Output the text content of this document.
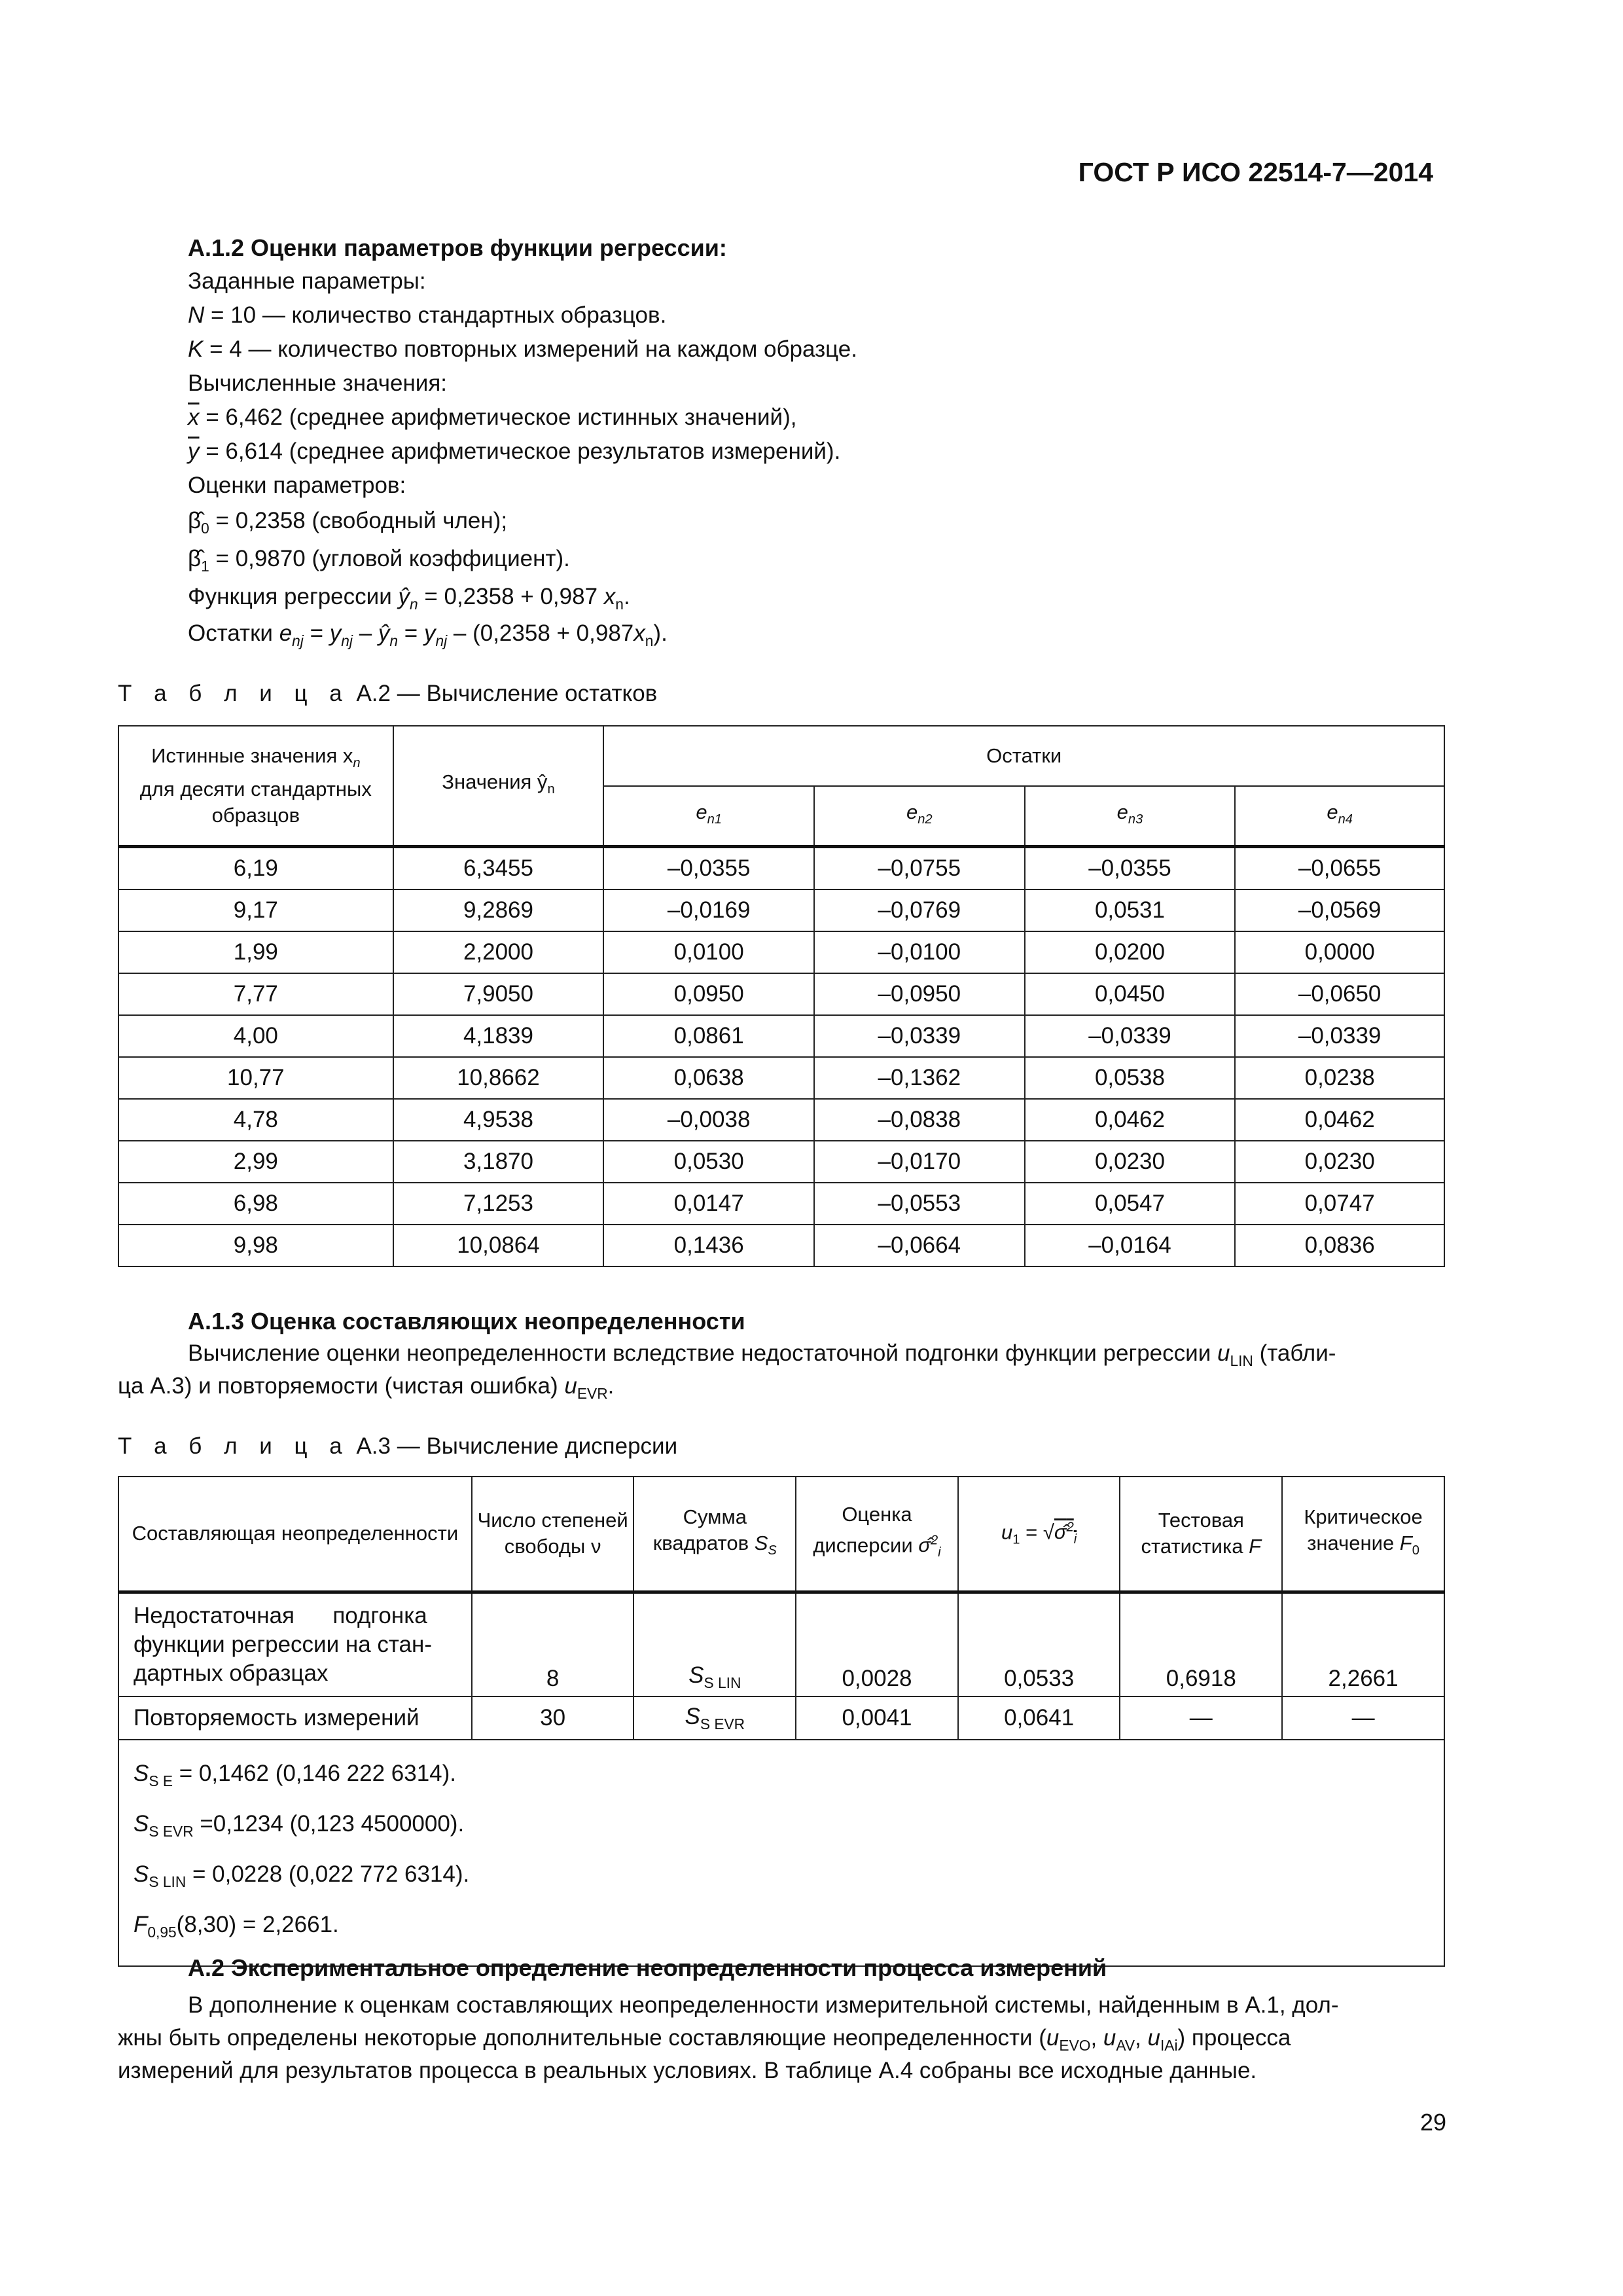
ГОСТ Р ИСО 22514-7—2014
А.1.2 Оценки параметров функции регрессии:
Заданные параметры:
N = 10 — количество стандартных образцов.
K = 4 — количество повторных измерений на каждом образце.
Вычисленные значения:
$\overline{x} = 6,462$ (среднее арифметическое истинных значений),
$\overline{y} = 6,614$ (среднее арифметическое результатов измерений).
Оценки параметров:
$\betâ_0 = 0,2358$ (свободный член);
$\betâ_1 = 0,9870$ (угловой коэффициент).
Функция регрессии $ŷ_n = 0,2358 + 0,987$ $x_n$.
Остатки $e_{nj} = y_{nj}$ – $ŷ_n = y_{nj} - (0,2358 + 0,987x_n)$.
Т а б л и ц а А.2 — Вычисление остатков
Истинные значения $x_n$
для десяти стандартных образцов	Значения $ŷ_n$	Остатки			
		$e_{n1}$	$e_{n2}$	$e_{n3}$	$e_{n4}$
6,19	6,3455	–0,0355	–0,0755	–0,0355	–0,0655
9,17	9,2869	–0,0169	–0,0769	0,0531	–0,0569
1,99	2,2000	0,0100	–0,0100	0,0200	0,0000
7,77	7,9050	0,0950	–0,0950	0,0450	–0,0650
4,00	4,1839	0,0861	–0,0339	–0,0339	–0,0339
10,77	10,8662	0,0638	–0,1362	0,0538	0,0238
4,78	4,9538	–0,0038	–0,0838	0,0462	0,0462
2,99	3,1870	0,0530	–0,0170	0,0230	0,0230
6,98	7,1253	0,0147	–0,0553	0,0547	0,0747
9,98	10,0864	0,1436	–0,0664	–0,0164	0,0836
А.1.3 Оценка составляющих неопределенности
Вычисление оценки неопределенности вследствие недостаточной подгонки функции регрессии $u_{LIN}$ (табли-
ца А.3) и повторяемости (чистая ошибка) $u_{EVR}$.
Т а б л и ц а А.3 — Вычисление дисперсии
Составляющая неопределенности	Число степеней свободы ν	Сумма квадратов $S_S$	Оценка дисперсии σ̂$^2_i$	$u_1$ = √σ̂$^2_i$	Тестовая статистика F	Критическое значение $F_0$
Недостаточная      подгонка
функции регрессии на стан-
дартных образцах	8	$S_{S LIN}$	0,0028	0,0533	0,6918	2,2661
Повторяемость измерений	30	$S_{S EVR}$	0,0041	0,0641	—	—

$S_{S E} = 0,1462$ (0,146 222 6314).
$S_{S EVR} =0,1234$ (0,123 4500000).
$S_{S LIN} = 0,0228$ (0,022 772 6314).
$F_{0,95}(8,30) = 2,2661$.						
А.2 Экспериментальное определение неопределенности процесса измерений
В дополнение к оценкам составляющих неопределенности измерительной системы, найденным в А.1, дол-
жны быть определены некоторые дополнительные составляющие неопределенности ($u_{EVO}$, $u_{AV}$, $u_{IAi}$) процесса
измерений для результатов процесса в реальных условиях. В таблице А.4 собраны все исходные данные.
29
